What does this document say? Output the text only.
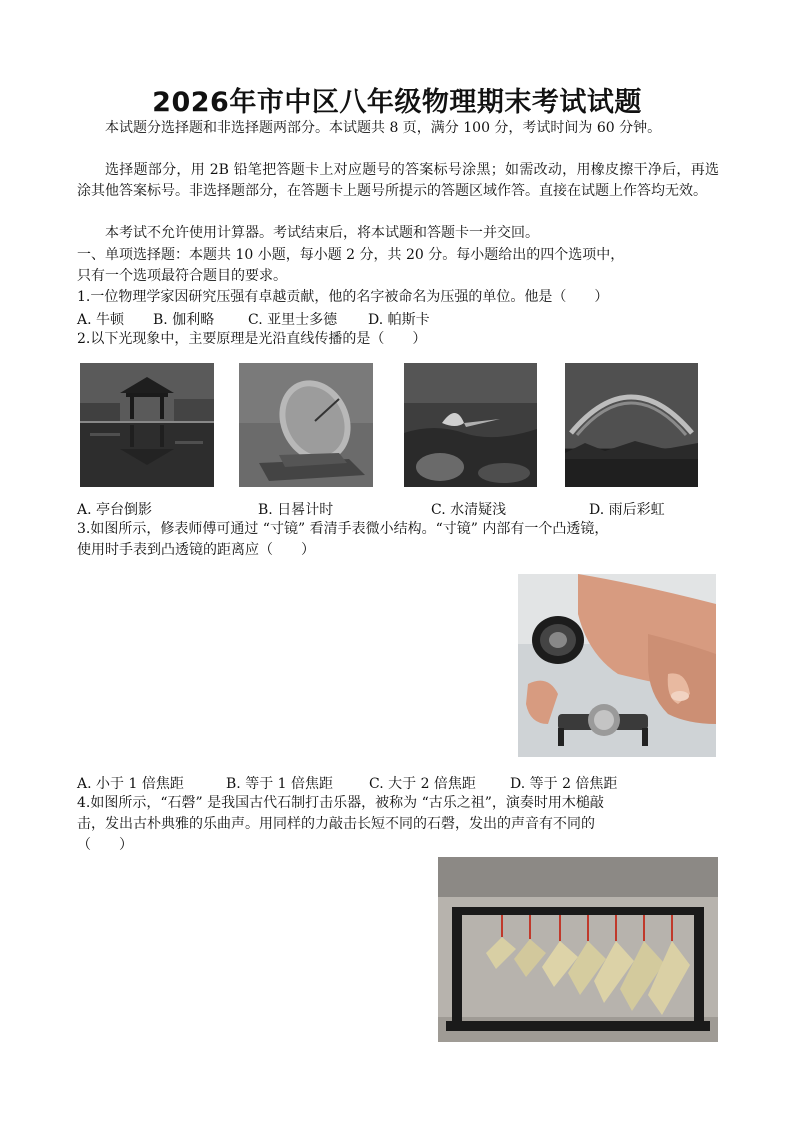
2026年市中区八年级物理期末考试试题
本试题分选择题和非选择题两部分。本试题共 8 页，满分 100 分，考试时间为 60 分钟。
选择题部分，用 2B 铅笔把答题卡上对应题号的答案标号涂黑；如需改动，用橡皮擦干净后，再选涂其他答案标号。非选择题部分，在答题卡上题号所提示的答题区域作答。直接在试题上作答均无效。
本考试不允许使用计算器。考试结束后，将本试题和答题卡一并交回。
一、单项选择题：本题共 10 小题，每小题 2 分，共 20 分。每小题给出的四个选项中，
只有一个选项最符合题目的要求。
1.一位物理学家因研究压强有卓越贡献，他的名字被命名为压强的单位。他是（　　）
A. 牛顿 B. 伽利略 C. 亚里士多德 D. 帕斯卡
2.以下光现象中，主要原理是光沿直线传播的是（　　）
A. 亭台倒影	B. 日晷计时	C. 水清疑浅	D. 雨后彩虹
3.如图所示，修表师傅可通过 “寸镜” 看清手表微小结构。“寸镜” 内部有一个凸透镜，
使用时手表到凸透镜的距离应（　　）
A. 小于 1 倍焦距	B. 等于 1 倍焦距	C. 大于 2 倍焦距 D. 等于 2 倍焦距
4.如图所示，“石磬” 是我国古代石制打击乐器，被称为 “古乐之祖”，演奏时用木槌敲
击，发出古朴典雅的乐曲声。用同样的力敲击长短不同的石磬，发出的声音有不同的
（　　）
